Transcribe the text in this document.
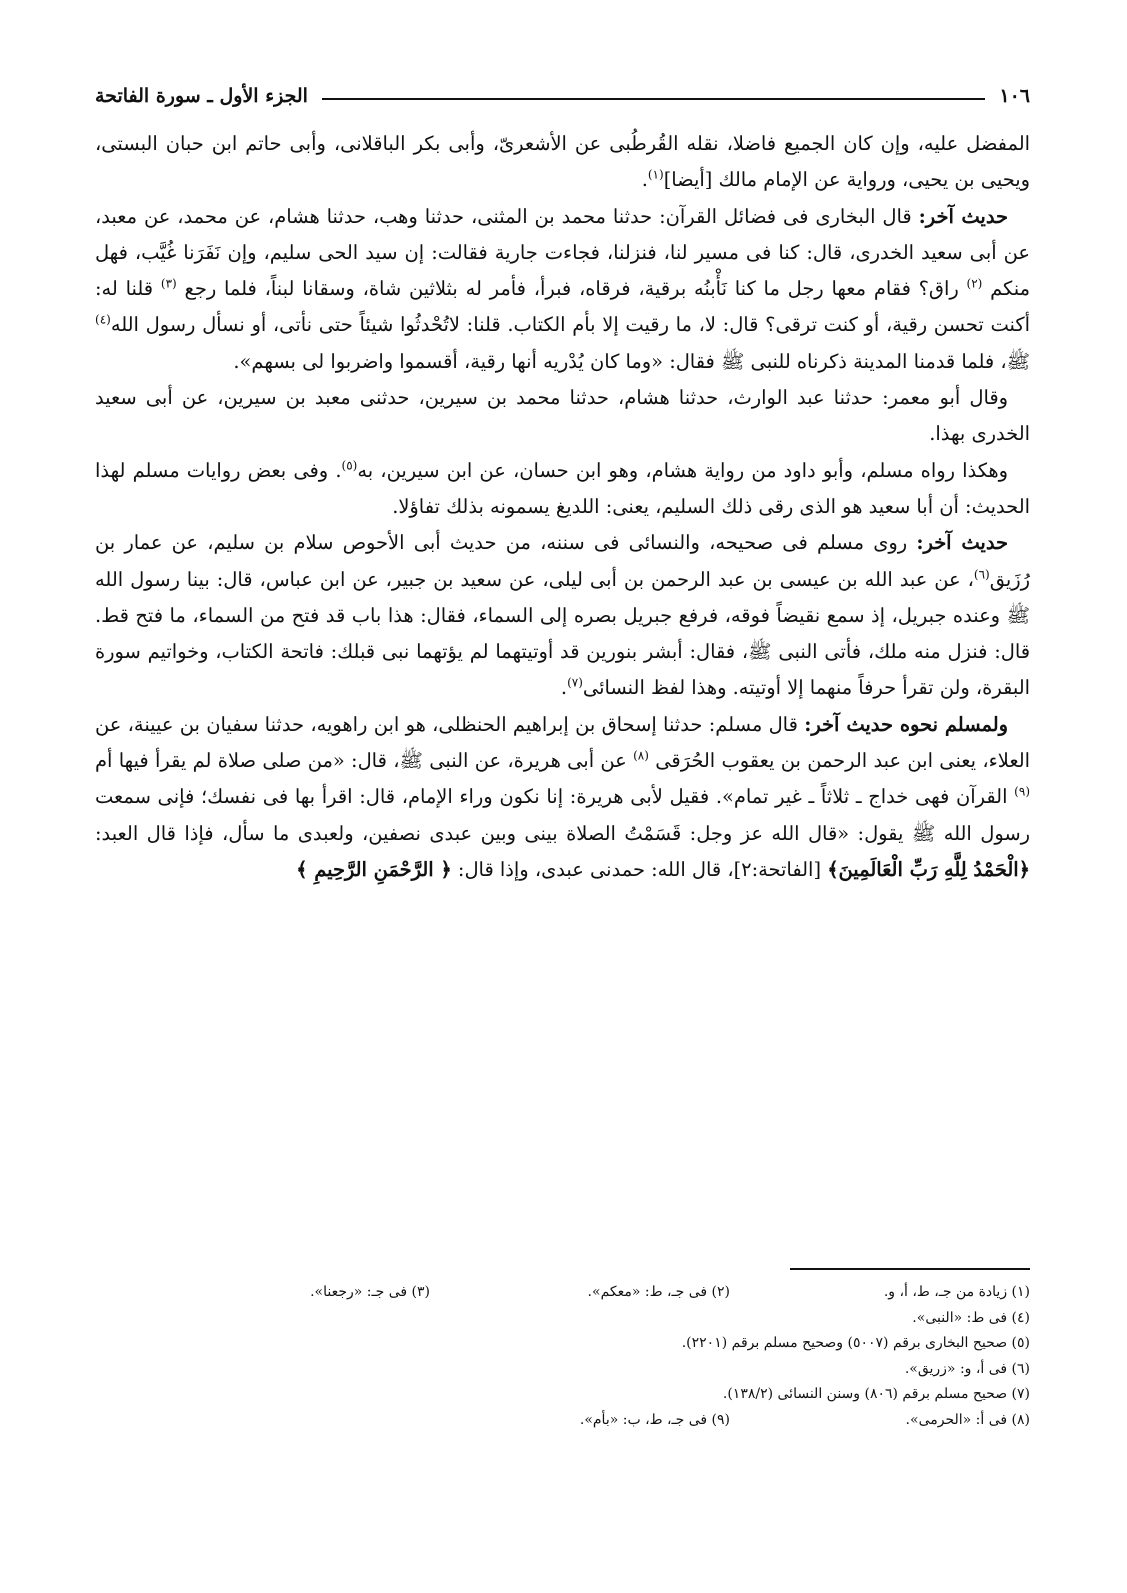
١٠٦
الجزء الأول ـ سورة الفاتحة

المفضل عليه، وإن كان الجميع فاضلا، نقله القُرطُبى عن الأشعرىّ، وأبى بكر الباقلانى، وأبى حاتم ابن حبان البستى، ويحيى بن يحيى، ورواية عن الإمام مالك [أيضا]$^{(١)}$.

حديث آخر: قال البخارى فى فضائل القرآن: حدثنا محمد بن المثنى، حدثنا وهب، حدثنا هشام، عن محمد، عن معبد، عن أبى سعيد الخدرى، قال: كنا فى مسير لنا، فنزلنا، فجاءت جارية فقالت: إن سيد الحى سليم، وإن نَفَرَنا غُيَّب، فهل منكم $^{(٢)}$ راق؟ فقام معها رجل ما كنا نَأْبنُه برقية، فرقاه، فبرأ، فأمر له بثلاثين شاة، وسقانا لبناً، فلما رجع $^{(٣)}$ قلنا له: أكنت تحسن رقية، أو كنت ترقى؟ قال: لا، ما رقيت إلا بأم الكتاب. قلنا: لاتُحْدثُوا شيئاً حتى نأتى، أو نسأل رسول الله$^{(٤)}$ ﷺ، فلما قدمنا المدينة ذكرناه للنبى ﷺ فقال: «وما كان يُدْريه أنها رقية، أقسموا واضربوا لى بسهم».

وقال أبو معمر: حدثنا عبد الوارث، حدثنا هشام، حدثنا محمد بن سيرين، حدثنى معبد بن سيرين، عن أبى سعيد الخدرى بهذا.

وهكذا رواه مسلم، وأبو داود من رواية هشام، وهو ابن حسان، عن ابن سيرين، به$^{(٥)}$. وفى بعض روايات مسلم لهذا الحديث: أن أبا سعيد هو الذى رقى ذلك السليم، يعنى: اللديغ يسمونه بذلك تفاؤلا.

حديث آخر: روى مسلم فى صحيحه، والنسائى فى سننه، من حديث أبى الأحوص سلام بن سليم، عن عمار بن رُزَيق$^{(٦)}$، عن عبد الله بن عيسى بن عبد الرحمن بن أبى ليلى، عن سعيد بن جبير، عن ابن عباس، قال: بينا رسول الله ﷺ وعنده جبريل، إذ سمع نقيضاً فوقه، فرفع جبريل بصره إلى السماء، فقال: هذا باب قد فتح من السماء، ما فتح قط. قال: فنزل منه ملك، فأتى النبى ﷺ، فقال: أبشر بنورين قد أوتيتهما لم يؤتهما نبى قبلك: فاتحة الكتاب، وخواتيم سورة البقرة، ولن تقرأ حرفاً منهما إلا أوتيته. وهذا لفظ النسائى$^{(٧)}$.

ولمسلم نحوه حديث آخر: قال مسلم: حدثنا إسحاق بن إبراهيم الحنظلى، هو ابن راهويه، حدثنا سفيان بن عيينة، عن العلاء، يعنى ابن عبد الرحمن بن يعقوب الحُرَقى $^{(٨)}$ عن أبى هريرة، عن النبى ﷺ، قال: «من صلى صلاة لم يقرأ فيها أم $^{(٩)}$ القرآن فهى خداج ـ ثلاثاً ـ غير تمام». فقيل لأبى هريرة: إنا نكون وراء الإمام، قال: اقرأ بها فى نفسك؛ فإنى سمعت رسول الله ﷺ يقول: «قال الله عز وجل: قَسَمْتُ الصلاة بينى وبين عبدى نصفين، ولعبدى ما سأل، فإذا قال العبد: ﴿الْحَمْدُ لِلَّهِ رَبِّ الْعَالَمِينَ﴾ [الفاتحة:٢]، قال الله: حمدنى عبدى، وإذا قال: ﴿ الرَّحْمَنِ الرَّحِيمِ ﴾

(١) زيادة من جـ، ط، أ، و.
(٢) فى جـ، ط: «معكم».
(٣) فى جـ: «رجعنا».
(٤) فى ط: «النبى».
(٥) صحيح البخارى برقم (٥٠٠٧) وصحيح مسلم برقم (٢٢٠١).
(٦) فى أ، و: «زريق».
(٧) صحيح مسلم برقم (٨٠٦) وسنن النسائى (١٣٨/٢).
(٨) فى أ: «الحرمى».
(٩) فى جـ، ط، ب: «بأم».
